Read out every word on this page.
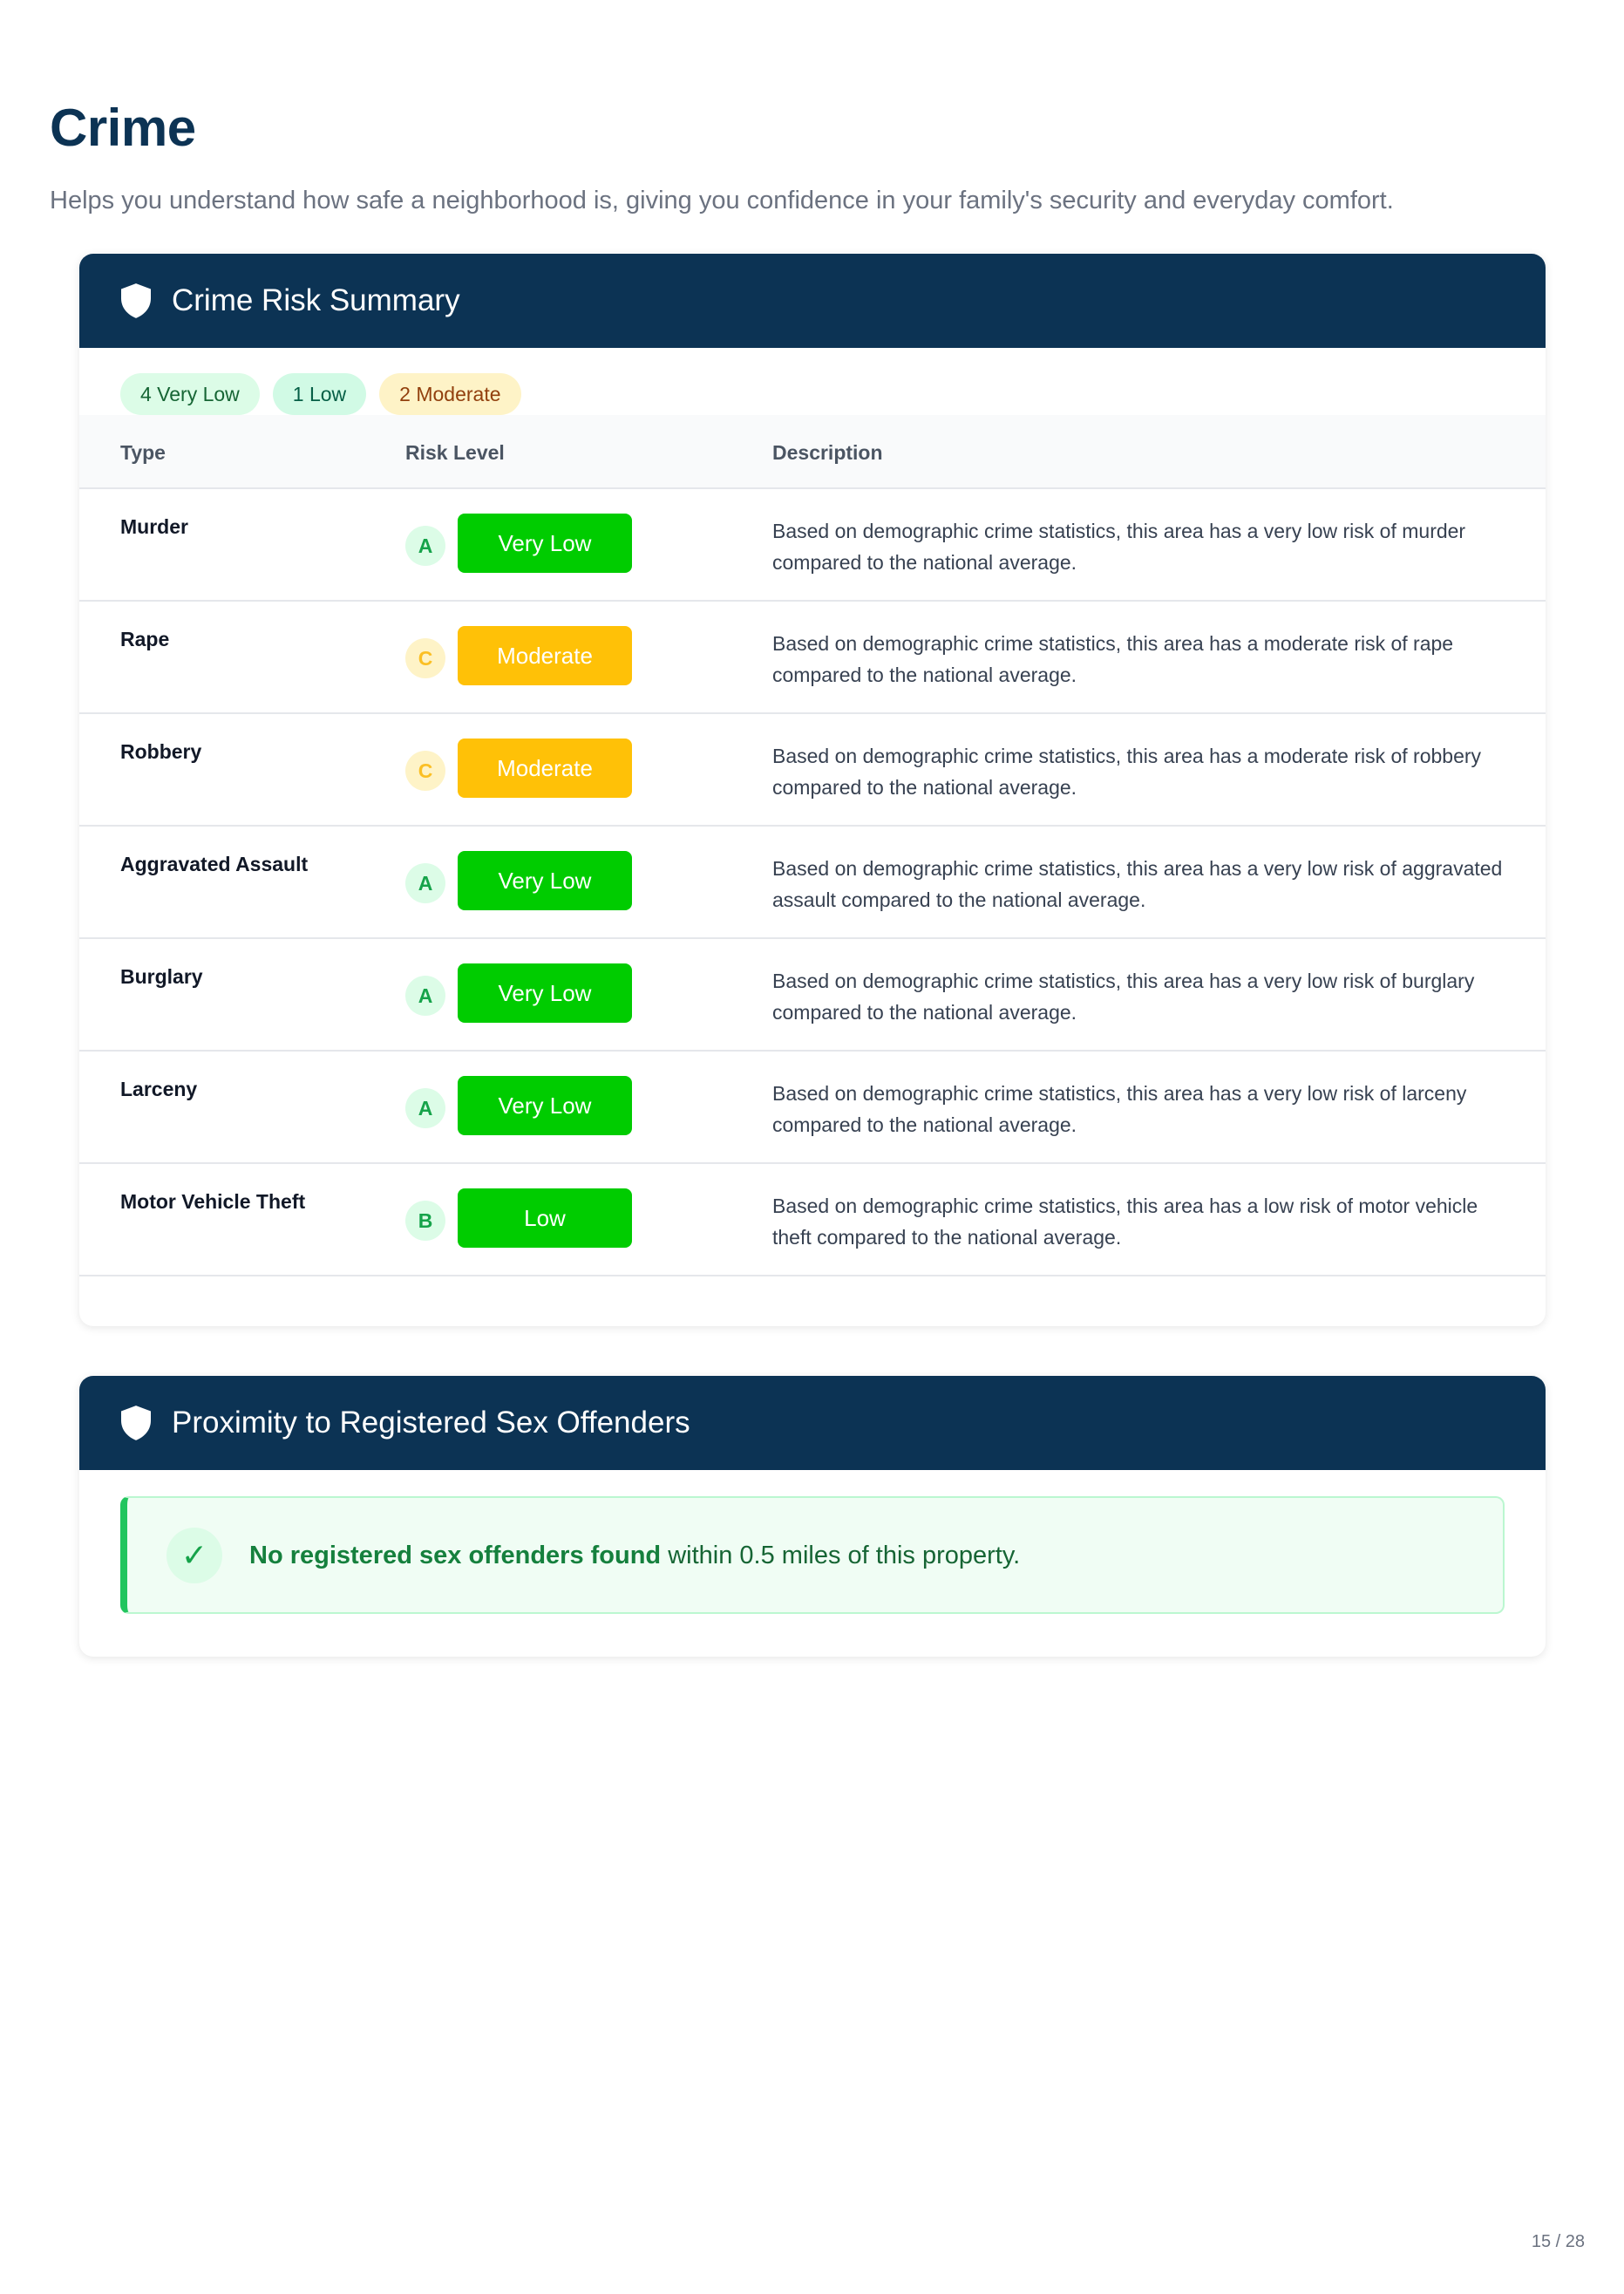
Crime

Helps you understand how safe a neighborhood is, giving you confidence in your family's security and everyday comfort.

Crime Risk Summary
4 Very Low	1 Low	2 Moderate
Type	Risk Level	Description
Murder
A	Very Low	Based on demographic crime statistics, this area has a very low risk of murder compared to the national average.

Rape
C	Moderate	Based on demographic crime statistics, this area has a moderate risk of rape compared to the national average.

Robbery
C	Moderate	Based on demographic crime statistics, this area has a moderate risk of robbery compared to the national average.

Aggravated Assault
A	Very Low	Based on demographic crime statistics, this area has a very low risk of aggravated assault compared to the national average.

Burglary
A	Very Low	Based on demographic crime statistics, this area has a very low risk of burglary compared to the national average.

Larceny
A	Very Low	Based on demographic crime statistics, this area has a very low risk of larceny compared to the national average.

Motor Vehicle Theft
B	Low	Based on demographic crime statistics, this area has a low risk of motor vehicle theft compared to the national average.

Proximity to Registered Sex Offenders
✓	No registered sex offenders found within 0.5 miles of this property.

15 / 28
